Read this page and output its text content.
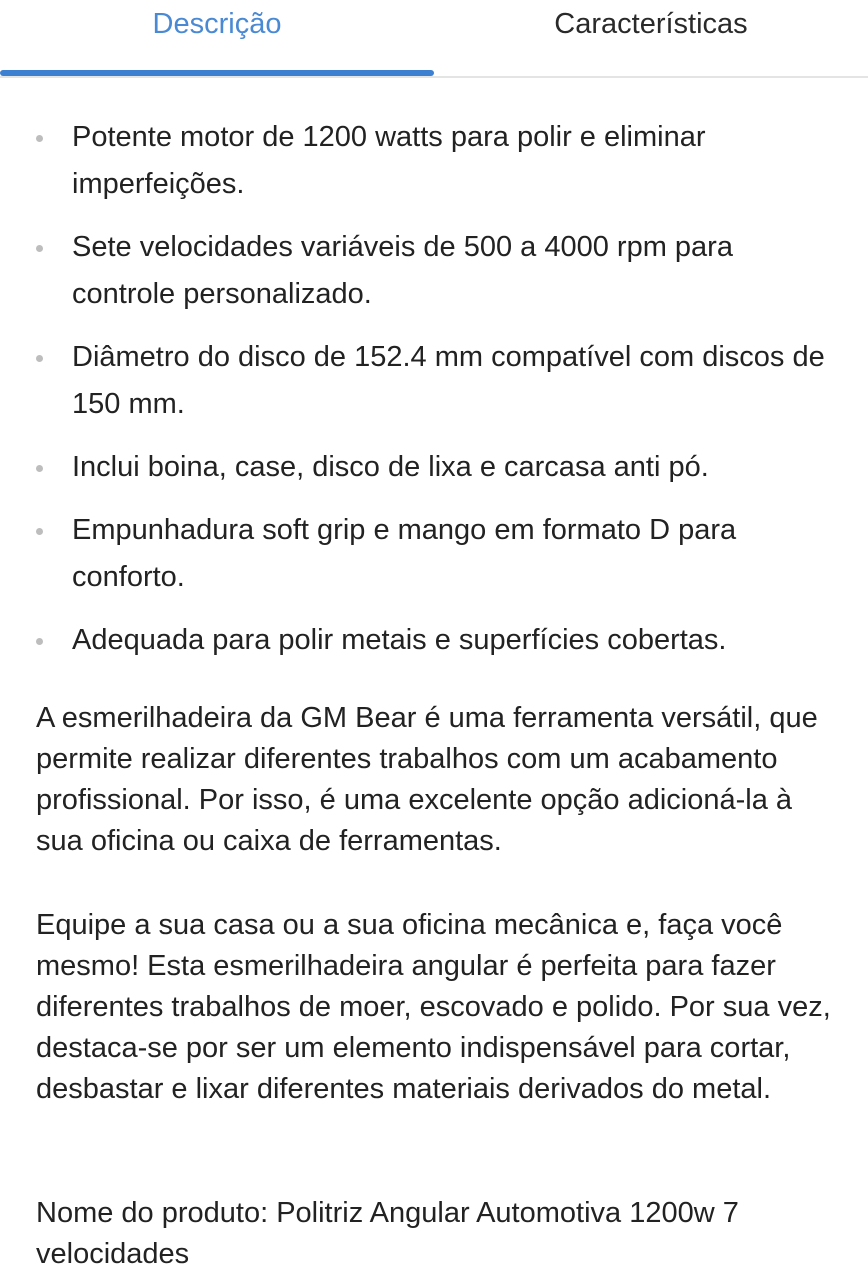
Descrição	Características
Potente motor de 1200 watts para polir e eliminar imperfeições.
Sete velocidades variáveis de 500 a 4000 rpm para controle personalizado.
Diâmetro do disco de 152.4 mm compatível com discos de 150 mm.
Inclui boina, case, disco de lixa e carcasa anti pó.
Empunhadura soft grip e mango em formato D para conforto.
Adequada para polir metais e superfícies cobertas.

A esmerilhadeira da GM Bear é uma ferramenta versátil, que permite realizar diferentes trabalhos com um acabamento profissional. Por isso, é uma excelente opção adicioná-la à sua oficina ou caixa de ferramentas.

Equipe a sua casa ou a sua oficina mecânica e, faça você mesmo! Esta esmerilhadeira angular é perfeita para fazer diferentes trabalhos de moer, escovado e polido. Por sua vez, destaca-se por ser um elemento indispensável para cortar, desbastar e lixar diferentes materiais derivados do metal.

Nome do produto: Politriz Angular Automotiva 1200w 7 velocidades
